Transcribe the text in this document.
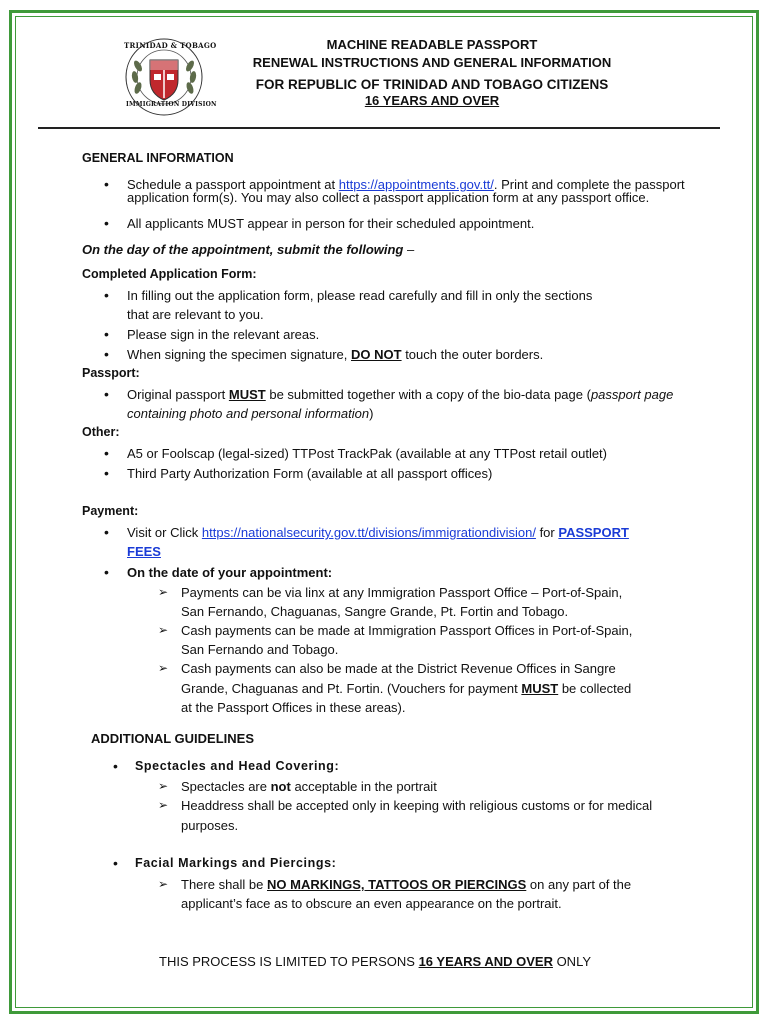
TRINIDAD & TOBAGO
IMMIGRATION DIVISION
MACHINE READABLE PASSPORT
RENEWAL INSTRUCTIONS AND GENERAL INFORMATION
FOR REPUBLIC OF TRINIDAD AND TOBAGO CITIZENS
16 YEARS AND OVER
GENERAL INFORMATION
• Schedule a passport appointment at https://appointments.gov.tt/. Print and complete the passport
application form(s). You may also collect a passport application form at any passport office.
• All applicants MUST appear in person for their scheduled appointment.
On the day of the appointment, submit the following –
Completed Application Form:
• In filling out the application form, please read carefully and fill in only the sections
that are relevant to you.
• Please sign in the relevant areas.
• When signing the specimen signature, DO NOT touch the outer borders.
Passport:
• Original passport MUST be submitted together with a copy of the bio-data page (passport page
containing photo and personal information)
Other:
• A5 or Foolscap (legal-sized) TTPost TrackPak (available at any TTPost retail outlet)
• Third Party Authorization Form (available at all passport offices)
Payment:
• Visit or Click https://nationalsecurity.gov.tt/divisions/immigrationdivision/ for PASSPORT
FEES
• On the date of your appointment:
➢ Payments can be via linx at any Immigration Passport Office – Port-of-Spain,
San Fernando, Chaguanas, Sangre Grande, Pt. Fortin and Tobago.
➢ Cash payments can be made at Immigration Passport Offices in Port-of-Spain,
San Fernando and Tobago.
➢ Cash payments can also be made at the District Revenue Offices in Sangre
Grande, Chaguanas and Pt. Fortin. (Vouchers for payment MUST be collected
at the Passport Offices in these areas).
ADDITIONAL GUIDELINES
• Spectacles and Head Covering:
➢ Spectacles are not acceptable in the portrait
➢ Headdress shall be accepted only in keeping with religious customs or for medical
purposes.
• Facial Markings and Piercings:
➢ There shall be NO MARKINGS, TATTOOS OR PIERCINGS on any part of the
applicant’s face as to obscure an even appearance on the portrait.
THIS PROCESS IS LIMITED TO PERSONS 16 YEARS AND OVER ONLY
